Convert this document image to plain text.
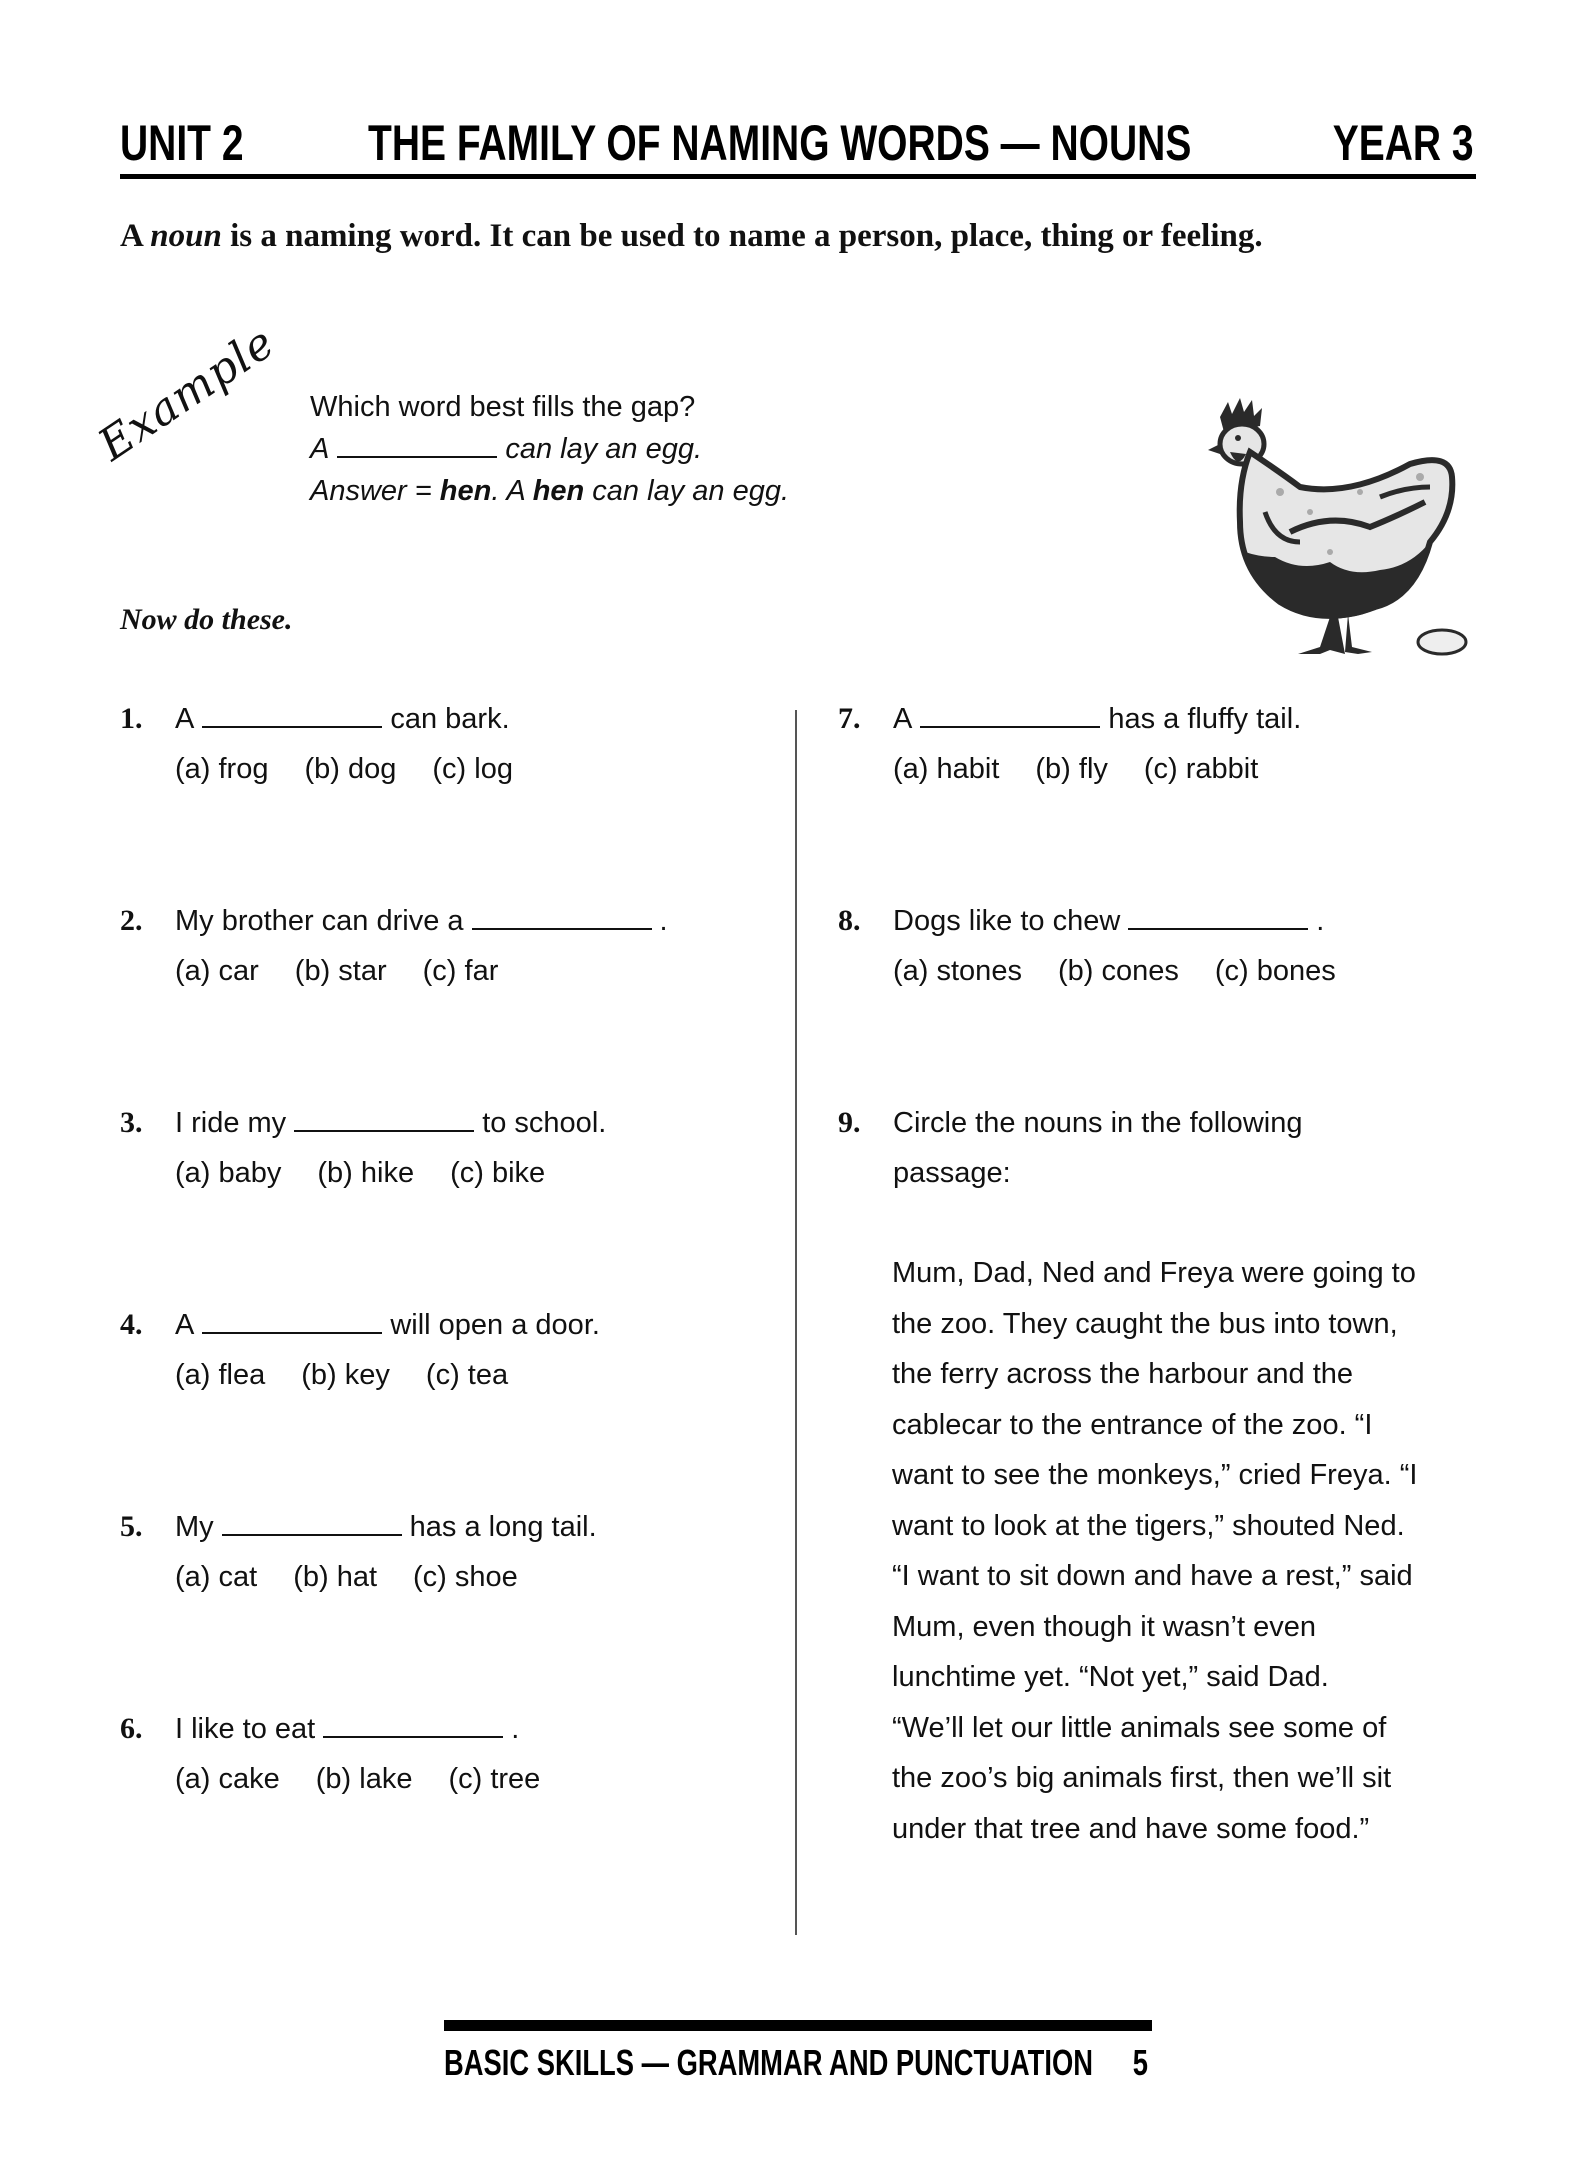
UNIT 2 THE FAMILY OF NAMING WORDS — NOUNS	YEAR 3
A noun is a naming word. It can be used to name a person, place, thing or feeling.
Example Which word best fills the gap?
A	can lay an egg.
Answer = hen. A hen can lay an egg.
Now do these.
1. A	can bark.
(a) frog (b) dog (c) log
2. My brother can drive a	.
(a) car (b) star (c) far
3. I ride my	to school.
(a) baby (b) hike (c) bike
4. A	will open a door.
(a) flea (b) key (c) tea
5. My	has a long tail.
(a) cat (b) hat (c) shoe
6. I like to eat	.
(a) cake (b) lake (c) tree
7. A	has a fluffy tail.
(a) habit (b) fly (c) rabbit
8. Dogs like to chew	.
(a) stones (b) cones (c) bones
9. Circle the nouns in the following
passage:
Mum, Dad, Ned and Freya were going to
the zoo. They caught the bus into town,
the ferry across the harbour and the
cablecar to the entrance of the zoo. “I
want to see the monkeys,” cried Freya. “I
want to look at the tigers,” shouted Ned.
“I want to sit down and have a rest,” said
Mum, even though it wasn’t even
lunchtime yet. “Not yet,” said Dad.
“We’ll let our little animals see some of
the zoo’s big animals first, then we’ll sit
under that tree and have some food.”
BASIC SKILLS — GRAMMAR AND PUNCTUATION 5
